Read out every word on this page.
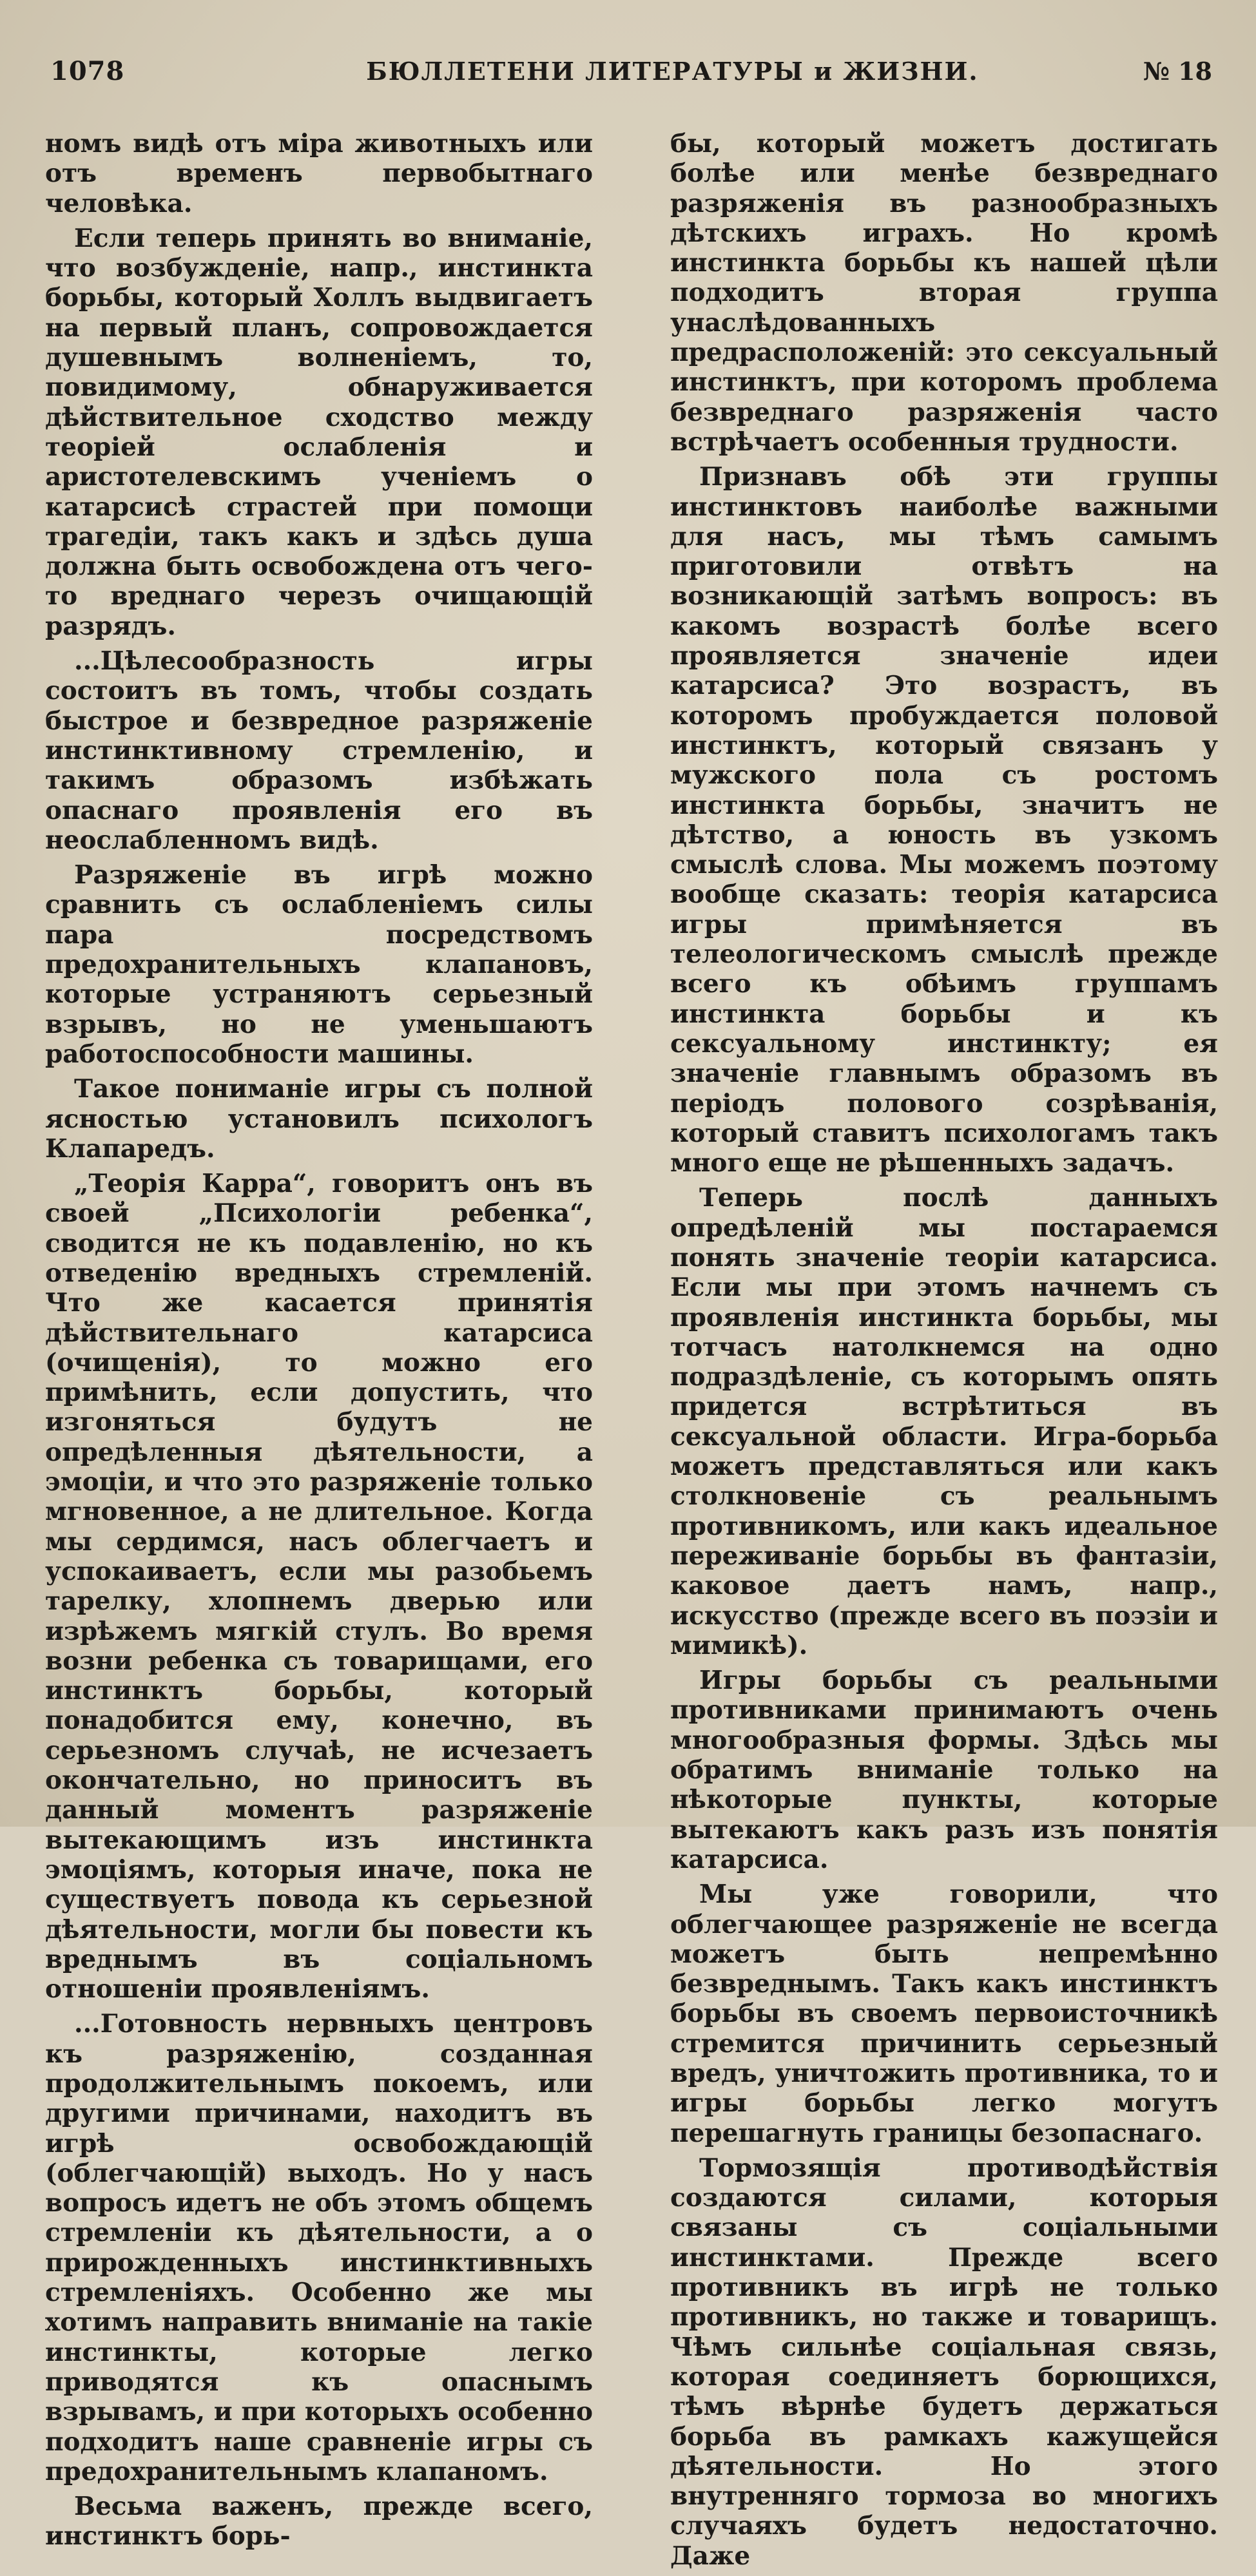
1078	БЮЛЛЕТЕНИ ЛИТЕРАТУРЫ и ЖИЗНИ.	№ 18

номъ видѣ отъ міра животныхъ или отъ временъ первобытнаго человѣка.

Если теперь принять во вниманіе, что возбужденіе, напр., инстинкта борьбы, который Холлъ выдвигаетъ на первый планъ, сопровождается душевнымъ волненіемъ, то, повидимому, обнаруживается дѣйствительное сходство между теоріей ослабленія и аристотелевскимъ ученіемъ о катарсисѣ страстей при помощи трагедіи, такъ какъ и здѣсь душа должна быть освобождена отъ чего-то вреднаго черезъ очищающій разрядъ.

...Цѣлесообразность игры состоитъ въ томъ, чтобы создать быстрое и безвредное разряженіе инстинктивному стремленію, и такимъ образомъ избѣжать опаснаго проявленія его въ неослабленномъ видѣ.

Разряженіе въ игрѣ можно сравнить съ ослабленіемъ силы пара посредствомъ предохранительныхъ клапановъ, которые устраняютъ серьезный взрывъ, но не уменьшаютъ работоспособности машины.

Такое пониманіе игры съ полной ясностью установилъ психологъ Клапаредъ.

„Теорія Карра“, говоритъ онъ въ своей „Психологіи ребенка“, сводится не къ подавленію, но къ отведенію вредныхъ стремленій. Что же касается принятія дѣйствительнаго катарсиса (очищенія), то можно его примѣнить, если допустить, что изгоняться будутъ не опредѣленныя дѣятельности, а эмоціи, и что это разряженіе только мгновенное, а не длительное. Когда мы сердимся, насъ облегчаетъ и успокаиваетъ, если мы разобьемъ тарелку, хлопнемъ дверью или изрѣжемъ мягкій стулъ. Во время возни ребенка съ товарищами, его инстинктъ борьбы, который понадобится ему, конечно, въ серьезномъ случаѣ, не исчезаетъ окончательно, но приноситъ въ данный моментъ разряженіе вытекающимъ изъ инстинкта эмоціямъ, которыя иначе, пока не существуетъ повода къ серьезной дѣятельности, могли бы повести къ вреднымъ въ соціальномъ отношеніи проявленіямъ.

...Готовность нервныхъ центровъ къ разряженію, созданная продолжительнымъ покоемъ, или другими причинами, находитъ въ игрѣ освобождающій (облегчающій) выходъ. Но у насъ вопросъ идетъ не объ этомъ общемъ стремленіи къ дѣятельности, а о прирожденныхъ инстинктивныхъ стремленіяхъ. Особенно же мы хотимъ направить вниманіе на такіе инстинкты, которые легко приводятся къ опаснымъ взрывамъ, и при которыхъ особенно подходитъ наше сравненіе игры съ предохранительнымъ клапаномъ.

Весьма важенъ, прежде всего, инстинктъ борь-

бы, который можетъ достигать болѣе или менѣе безвреднаго разряженія въ разнообразныхъ дѣтскихъ играхъ. Но кромѣ инстинкта борьбы къ нашей цѣли подходитъ вторая группа унаслѣдованныхъ предрасположеній: это сексуальный инстинктъ, при которомъ проблема безвреднаго разряженія часто встрѣчаетъ особенныя трудности.

Признавъ обѣ эти группы инстинктовъ наиболѣе важными для насъ, мы тѣмъ самымъ приготовили отвѣтъ на возникающій затѣмъ вопросъ: въ какомъ возрастѣ болѣе всего проявляется значеніе идеи катарсиса? Это возрастъ, въ которомъ пробуждается половой инстинктъ, который связанъ у мужского пола съ ростомъ инстинкта борьбы, значитъ не дѣтство, а юность въ узкомъ смыслѣ слова. Мы можемъ поэтому вообще сказать: теорія катарсиса игры примѣняется въ телеологическомъ смыслѣ прежде всего къ обѣимъ группамъ инстинкта борьбы и къ сексуальному инстинкту; ея значеніе главнымъ образомъ въ періодъ полового созрѣванія, который ставитъ психологамъ такъ много еще не рѣшенныхъ задачъ.

Теперь послѣ данныхъ опредѣленій мы постараемся понять значеніе теоріи катарсиса. Если мы при этомъ начнемъ съ проявленія инстинкта борьбы, мы тотчасъ натолкнемся на одно подраздѣленіе, съ которымъ опять придется встрѣтиться въ сексуальной области. Игра-борьба можетъ представляться или какъ столкновеніе съ реальнымъ противникомъ, или какъ идеальное переживаніе борьбы въ фантазіи, каковое даетъ намъ, напр., искусство (прежде всего въ поэзіи и мимикѣ).

Игры борьбы съ реальными противниками принимаютъ очень многообразныя формы. Здѣсь мы обратимъ вниманіе только на нѣкоторые пункты, которые вытекаютъ какъ разъ изъ понятія катарсиса.

Мы уже говорили, что облегчающее разряженіе не всегда можетъ быть непремѣнно безвреднымъ. Такъ какъ инстинктъ борьбы въ своемъ первоисточникѣ стремится причинить серьезный вредъ, уничтожить противника, то и игры борьбы легко могутъ перешагнуть границы безопаснаго.

Тормозящія противодѣйствія создаются силами, которыя связаны съ соціальными инстинктами. Прежде всего противникъ въ игрѣ не только противникъ, но также и товарищъ. Чѣмъ сильнѣе соціальная связь, которая соединяетъ борющихся, тѣмъ вѣрнѣе будетъ держаться борьба въ рамкахъ кажущейся дѣятельности. Но этого внутренняго тормоза во многихъ случаяхъ будетъ недостаточно. Даже
